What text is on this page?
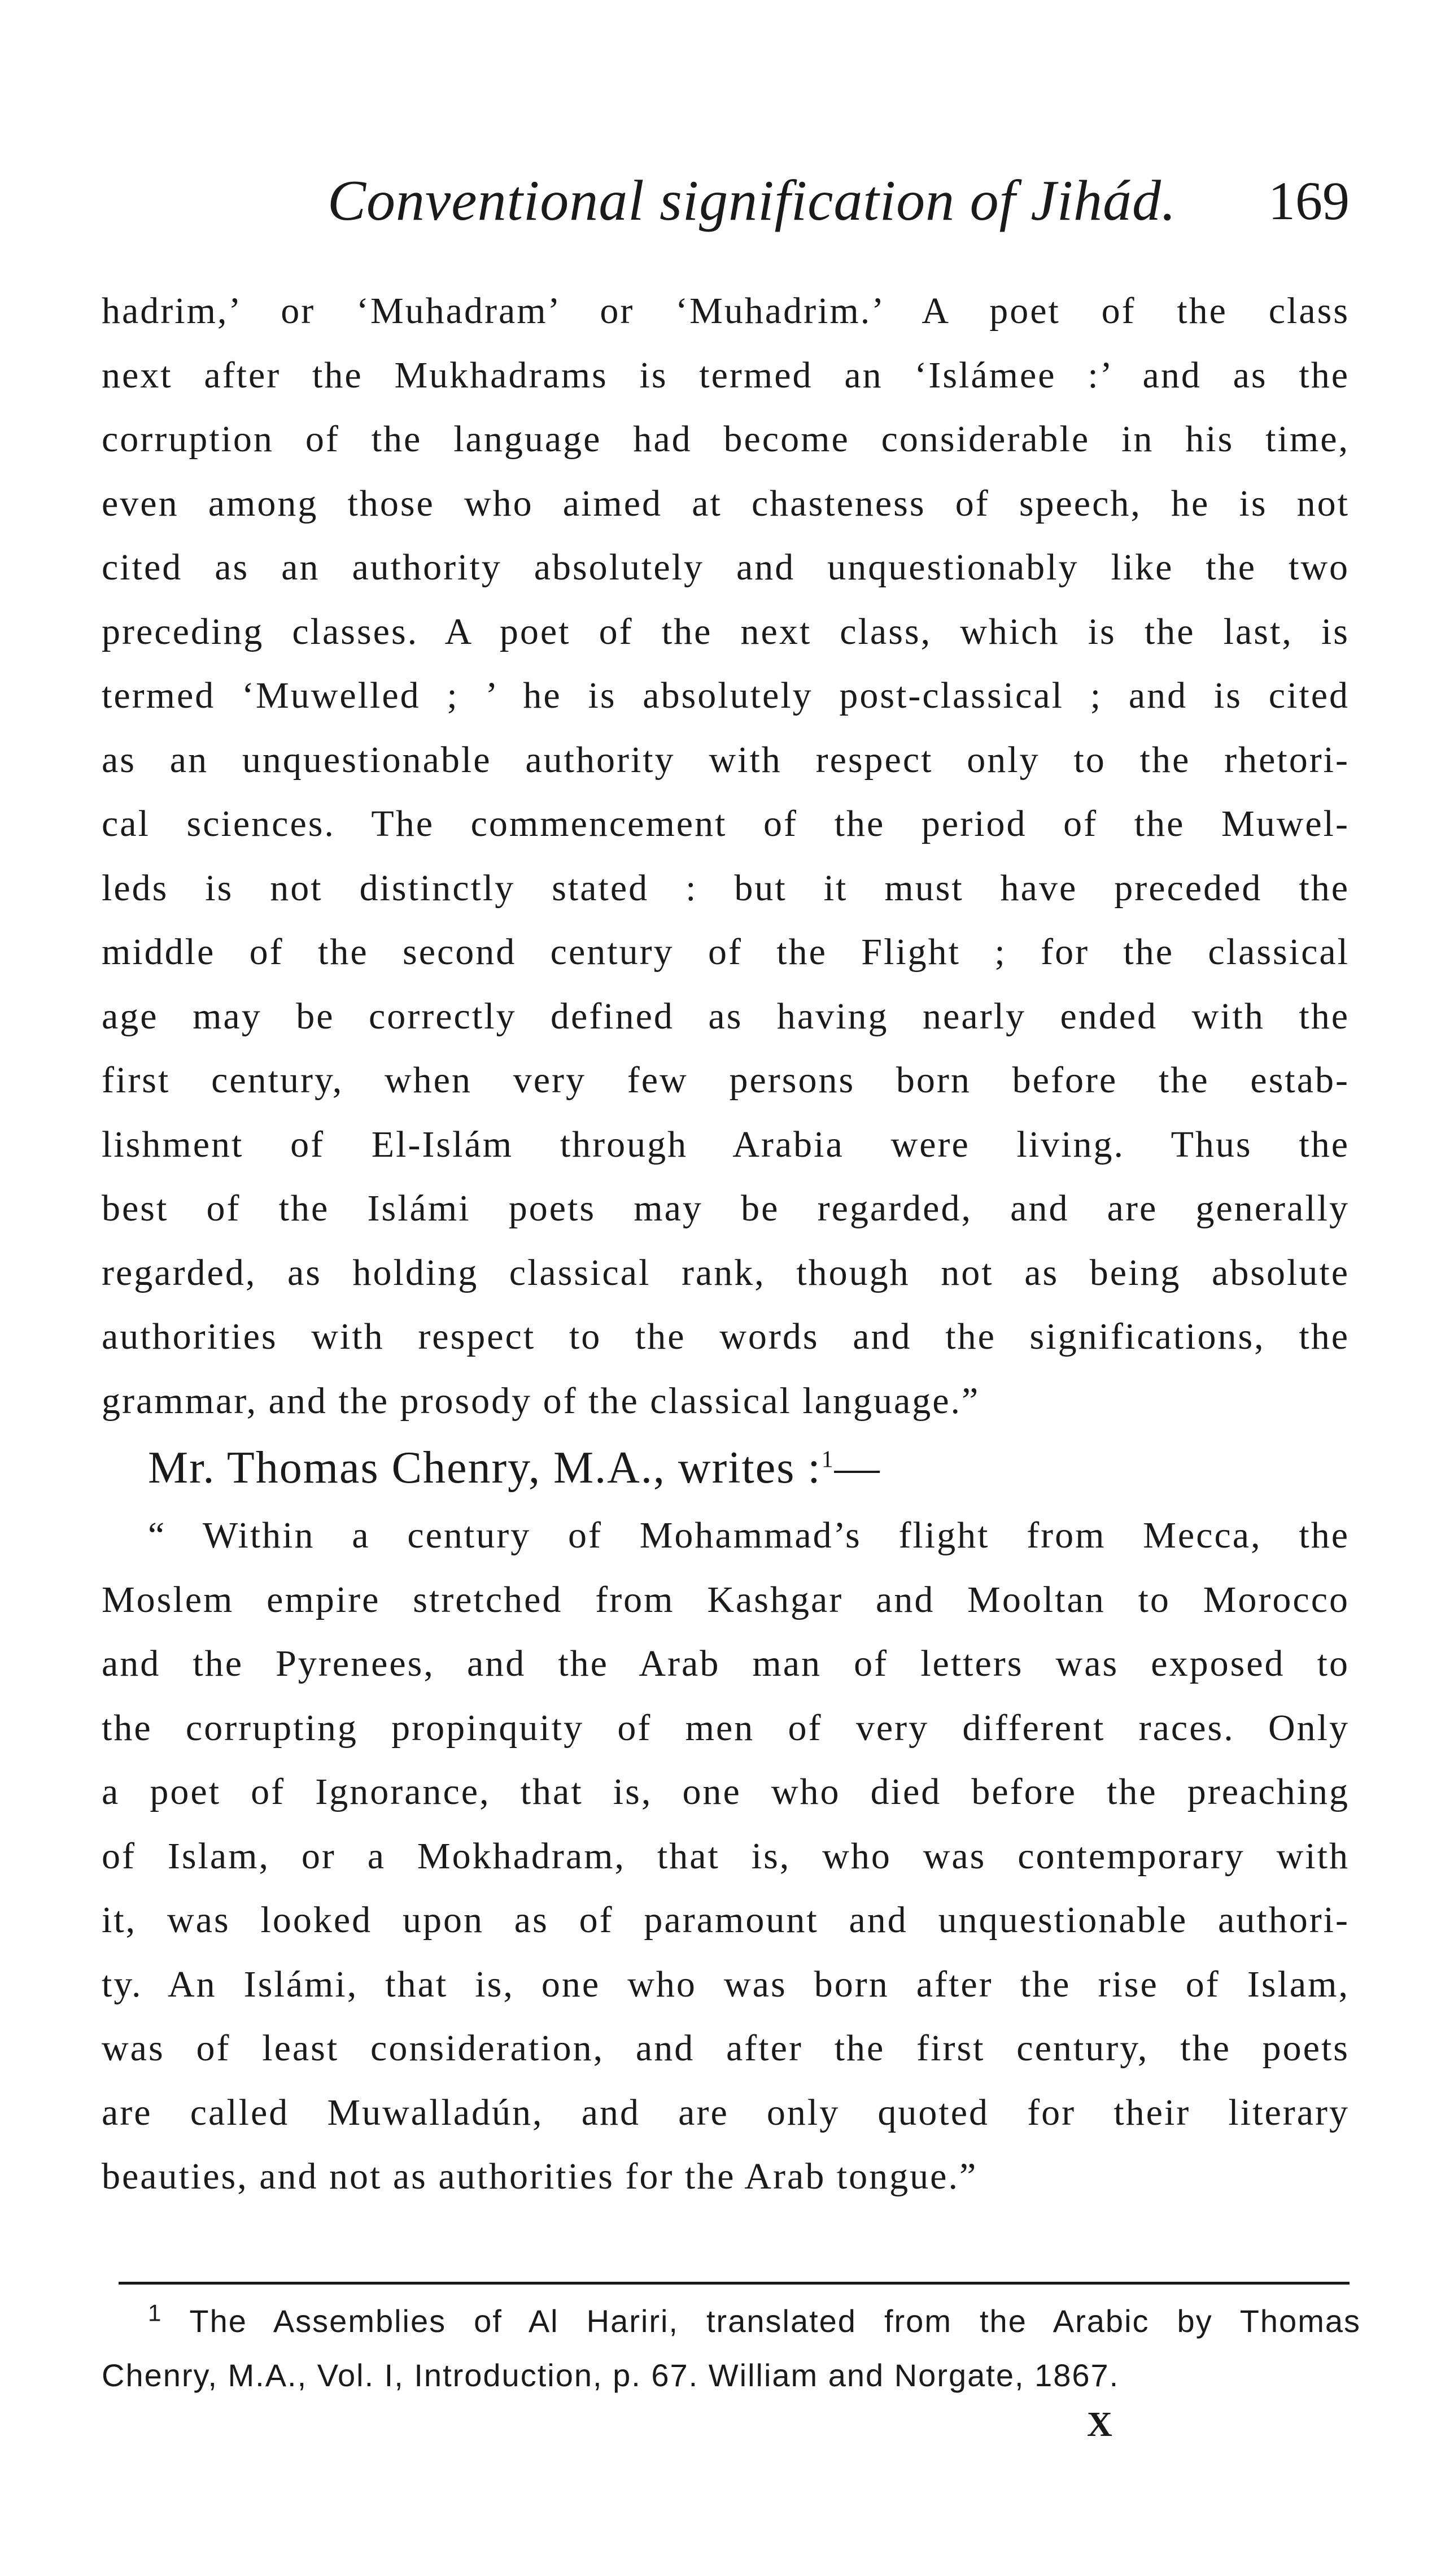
Conventional signification of Jihád. 169
hadrim,’ or ‘Muhadram’ or ‘Muhadrim.’ A poet of the class
next after the Mukhadrams is termed an ‘Islámee :’ and as the
corruption of the language had become considerable in his time,
even among those who aimed at chasteness of speech, he is not
cited as an authority absolutely and unquestionably like the two
preceding classes. A poet of the next class, which is the last, is
termed ‘Muwelled ; ’ he is absolutely post-classical ; and is cited
as an unquestionable authority with respect only to the rhetori-
cal sciences. The commencement of the period of the Muwel-
leds is not distinctly stated : but it must have preceded the
middle of the second century of the Flight ; for the classical
age may be correctly defined as having nearly ended with the
first century, when very few persons born before the estab-
lishment of El-Islám through Arabia were living. Thus the
best of the Islámi poets may be regarded, and are generally
regarded, as holding classical rank, though not as being absolute
authorities with respect to the words and the significations, the
grammar, and the prosody of the classical language.”
Mr. Thomas Chenry, M.A., writes :$^1$—
“ Within a century of Mohammad’s flight from Mecca, the
Moslem empire stretched from Kashgar and Mooltan to Morocco
and the Pyrenees, and the Arab man of letters was exposed to
the corrupting propinquity of men of very different races. Only
a poet of Ignorance, that is, one who died before the preaching
of Islam, or a Mokhadram, that is, who was contemporary with
it, was looked upon as of paramount and unquestionable authori-
ty. An Islámi, that is, one who was born after the rise of Islam,
was of least consideration, and after the first century, the poets
are called Muwalladún, and are only quoted for their literary
beauties, and not as authorities for the Arab tongue.”
$^1$ The Assemblies of Al Hariri, translated from the Arabic by Thomas
Chenry, M.A., Vol. I, Introduction, p. 67. William and Norgate, 1867.
X
